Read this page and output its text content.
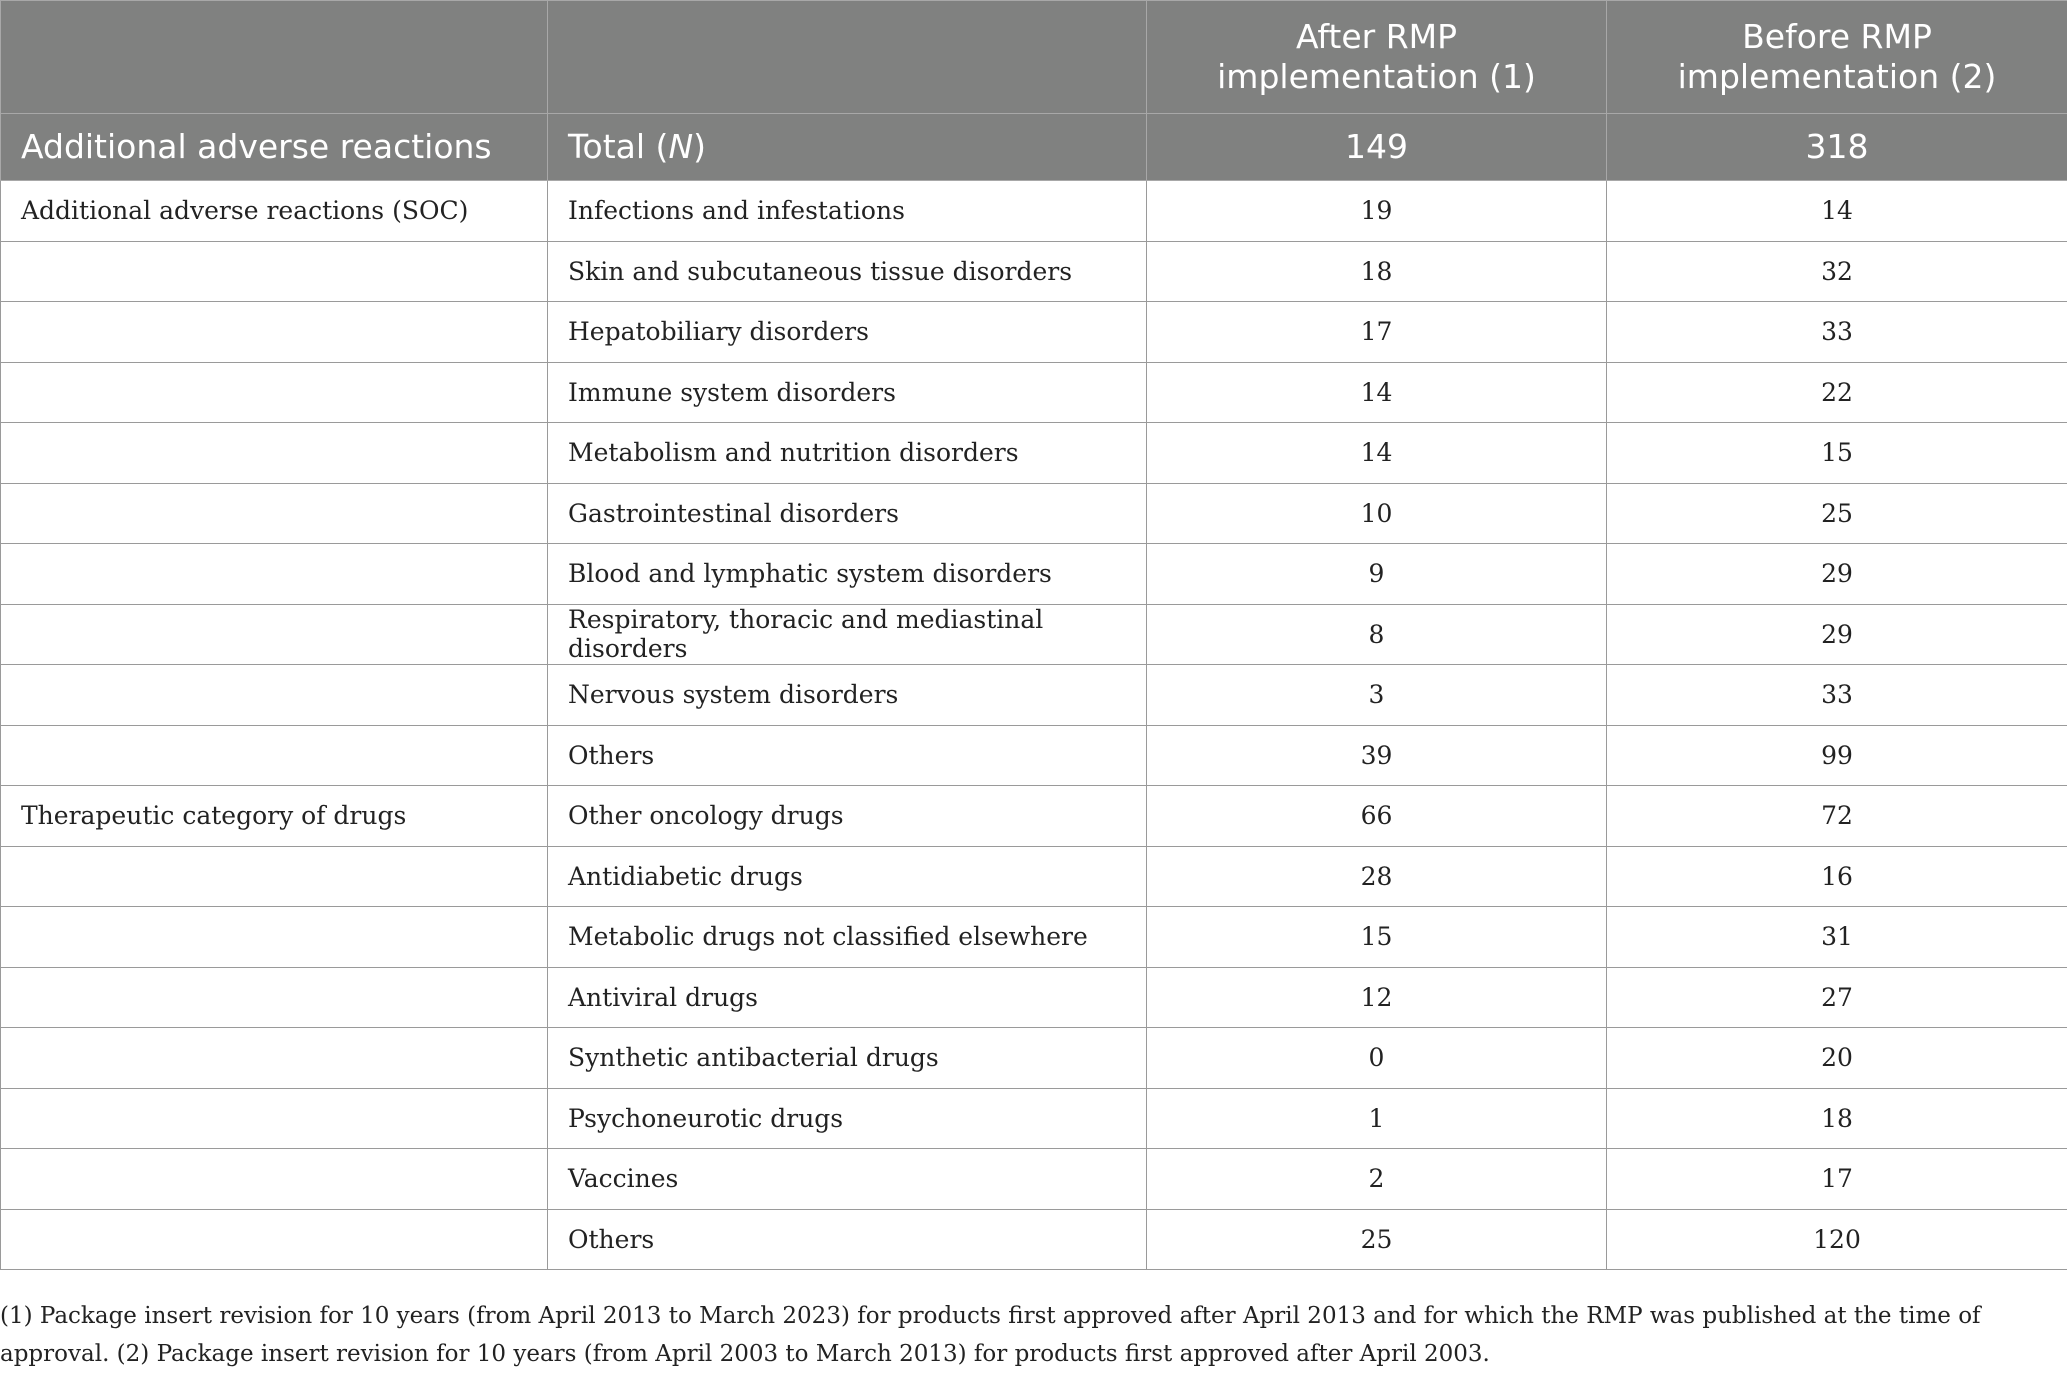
		After RMP implementation (1)	Before RMP implementation (2)
Additional adverse reactions	Total (N)	149	318
Additional adverse reactions (SOC)	Infections and infestations	19	14
	Skin and subcutaneous tissue disorders	18	32
	Hepatobiliary disorders	17	33
	Immune system disorders	14	22
	Metabolism and nutrition disorders	14	15
	Gastrointestinal disorders	10	25
	Blood and lymphatic system disorders	9	29
	Respiratory, thoracic and mediastinal disorders	8	29
	Nervous system disorders	3	33
	Others	39	99
Therapeutic category of drugs	Other oncology drugs	66	72
	Antidiabetic drugs	28	16
	Metabolic drugs not classified elsewhere	15	31
	Antiviral drugs	12	27
	Synthetic antibacterial drugs	0	20
	Psychoneurotic drugs	1	18
	Vaccines	2	17
	Others	25	120
(1) Package insert revision for 10 years (from April 2013 to March 2023) for products first approved after April 2013 and for which the RMP was published at the time of approval. (2) Package insert revision for 10 years (from April 2003 to March 2013) for products first approved after April 2003.
